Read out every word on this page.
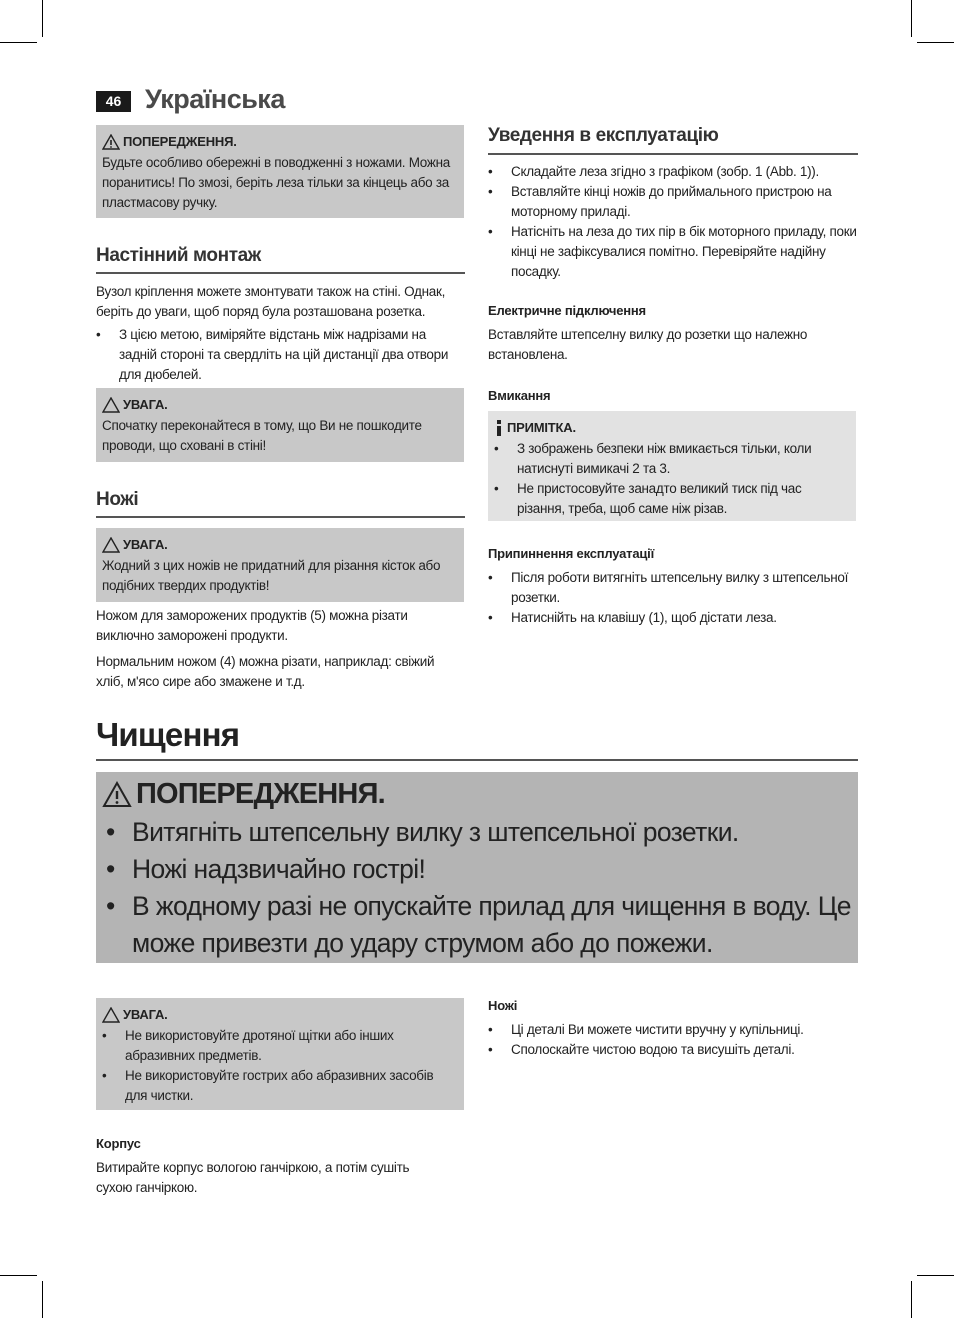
46 Українська
ПОПЕРЕДЖЕННЯ.

Будьте особливо обережні в поводженні з ножами. Можна поранитись! По змозі, беріть леза тільки за кінцець або за пластмасову ручку.

Настінний монтаж

Вузол кріплення можете змонтувати також на стіні. Однак, беріть до уваги, щоб поряд була розташована розетка.

• З цією метою, виміряйте відстань між надрізами на задній стороні та свердліть на цій дистанції два отвори для дюбелей.
УВАГА.

Спочатку переконайтеся в тому, що Ви не пошкодите проводи, що сховані в стіні!

Ножі
УВАГА.

Жодний з цих ножів не придатний для різання кісток або подібних твердих продуктів!

Ножом для заморожених продуктів (5) можна різати виключно заморожені продукти.

Нормальним ножом (4) можна різати, наприклад: свіжий хліб, м'ясо сире або змажене и т.д.

Уведення в експлуатацію
• Складайте леза згідно з графіком (зобр. 1 (Abb. 1)).
• Вставляйте кінці ножів до приймального пристрою на моторному приладі.
• Натісніть на леза до тих пір в бік моторного приладу, поки кінці не зафіксувалися помітно. Перевіряйте надійну посадку.
Електричне підключення

Вставляйте штепселну вилку до розетки що належно встановлена.

Вмикання
ПРИМІТКА.
• З зображень безпеки ніж вмикається тільки, коли натиснуті вимикачі 2 та 3.
• Не пристосовуйте занадто великий тиск під час різання, треба, щоб саме ніж різав.
Припиннення експлуатації
• Після роботи витягніть штепсельну вилку з штепсельної розетки.
• Натиснійть на клавішу (1), щоб дістати леза.
Чищення
ПОПЕРЕДЖЕННЯ.
• Витягніть штепсельну вилку з штепсельної розетки.
• Ножі надзвичайно гострі!
• В жодному разі не опускайте прилад для чищення в воду. Це може привезти до удару струмом або до пожежи.
УВАГА.
• Не використовуйте дротяної щітки або інших абразивних предметів.
• Не використовуйте гострих або абразивних засобів для чистки.
Корпус

Витирайте корпус вологою ганчіркою, а потім сушіть сухою ганчіркою.

Ножі
• Ці деталі Ви можете чистити вручну у купільниці.
• Сполоскайте чистою водою та висушіть деталі.
